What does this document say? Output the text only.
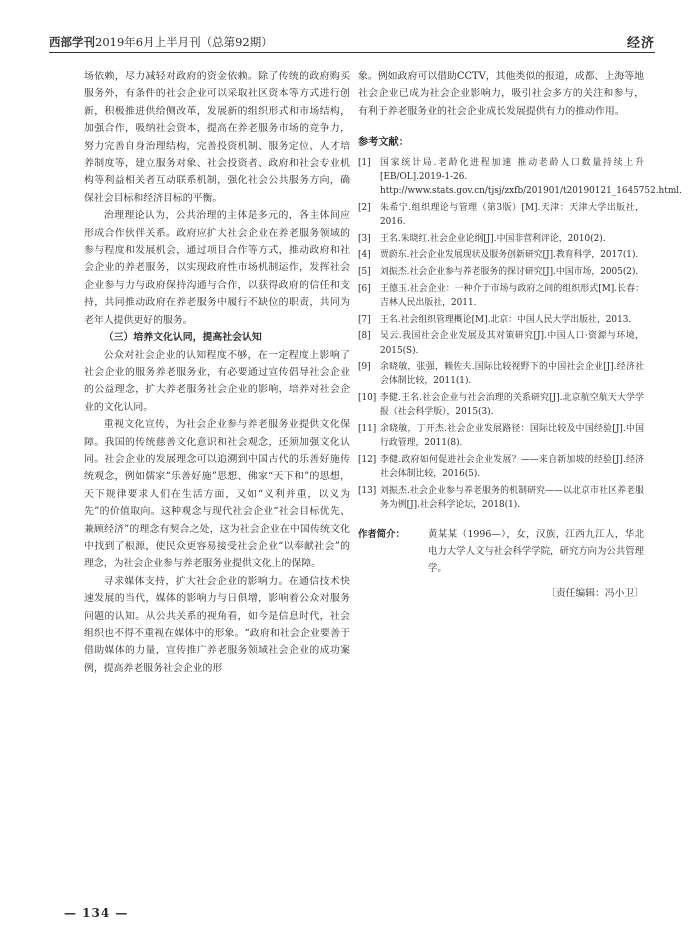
西部学刊2019年6月上半月刊（总第92期）	经济

场依赖，尽力减轻对政府的资金依赖。除了传统的政府购买服务外，有条件的社会企业可以采取社区资本等方式进行创新，积极推进供给侧改革，发展新的组织形式和市场结构，加强合作，吸纳社会资本，提高在养老服务市场的竞争力，努力完善自身治理结构，完善投资机制、服务定位、人才培养制度等，建立服务对象、社会投资者、政府和社会专业机构等利益相关者互动联系机制，强化社会公共服务方向，确保社会目标和经济目标的平衡。

治理理论认为，公共治理的主体是多元的，各主体间应形成合作伙伴关系。政府应扩大社会企业在养老服务领域的参与程度和发展机会，通过项目合作等方式，推动政府和社会企业的养老服务，以实现政府性市场机制运作，发挥社会企业参与力与政府保持沟通与合作，以获得政府的信任和支持，共同推动政府在养老服务中履行不缺位的职责，共同为老年人提供更好的服务。

（三）培养文化认同，提高社会认知

公众对社会企业的认知程度不够，在一定程度上影响了社会企业的服务养老服务业，有必要通过宣传倡导社会企业的公益理念，扩大养老服务社会企业的影响，培养对社会企业的文化认同。

重视文化宣传，为社会企业参与养老服务业提供文化保障。我国的传统慈善文化意识和社会观念，还须加强文化认同。社会企业的发展理念可以追溯到中国古代的乐善好施传统观念，例如儒家“乐善好施”思想、佛家“天下和”的思想，天下规律要求人们在生活方面，又如“义利并重，以义为先”的价值取向。这种观念与现代社会企业“社会目标优先、兼顾经济”的理念有契合之处，这为社会企业在中国传统文化中找到了根源，使民众更容易接受社会企业“以奉献社会”的理念，为社会企业参与养老服务业提供文化上的保障。

寻求媒体支持，扩大社会企业的影响力。在通信技术快速发展的当代，媒体的影响力与日俱增，影响着公众对服务问题的认知。从公共关系的视角看，如今是信息时代，社会组织也不得不重视在媒体中的形象。“政府和社会企业要善于借助媒体的力量，宣传推广养老服务领域社会企业的成功案例，提高养老服务社会企业的形

象。例如政府可以借助CCTV，其他类似的报道，成都、上海等地社会企业已成为社会企业影响力，吸引社会多方的关注和参与，有利于养老服务业的社会企业成长发展提供有力的推动作用。

参考文献：
[1] 国家统计局.老龄化进程加速 推动老龄人口数量持续上升[EB/OL].2019-1-26. http://www.stats.gov.cn/tjsj/zxfb/201901/t20190121_1645752.html.
[2] 朱希宁.组织理论与管理（第3版）[M].天津：天津大学出版社，2016.
[3] 王名.朱晓红.社会企业论纲[J].中国非营利评论，2010(2).
[4] 贾蔚东.社会企业发展现状及服务创新研究[J].教育科学，2017(1).
[5] 刘振杰.社会企业参与养老服务的探讨研究[J].中国市场，2005(2).
[6] 王德玉.社会企业：一种介于市场与政府之间的组织形式[M].长春：吉林人民出版社，2011.
[7] 王名.社会组织管理概论[M].北京：中国人民大学出版社，2013.
[8] 吴云.我国社会企业发展及其对策研究[J].中国人口·资源与环境，2015(S).
[9] 余晓敏，张强，赖佐夫.国际比较视野下的中国社会企业[J].经济社会体制比较，2011(1).
[10] 李健.王名.社会企业与社会治理的关系研究[J].北京航空航天大学学报（社会科学版），2015(3).
[11] 余晓敏，丁开杰.社会企业发展路径：国际比较及中国经验[J].中国行政管理，2011(8).
[12] 李健.政府如何促进社会企业发展？——来自新加坡的经验[J].经济社会体制比较，2016(5).
[13] 刘振杰.社会企业参与养老服务的机制研究——以北京市社区养老服务为例[J].社会科学论坛，2018(1).
作者简介： 黄某某（1996—），女，汉族，江西九江人，华北电力大学人文与社会科学学院，研究方向为公共管理学。
〔责任编辑：冯小卫〕
— 134 —
